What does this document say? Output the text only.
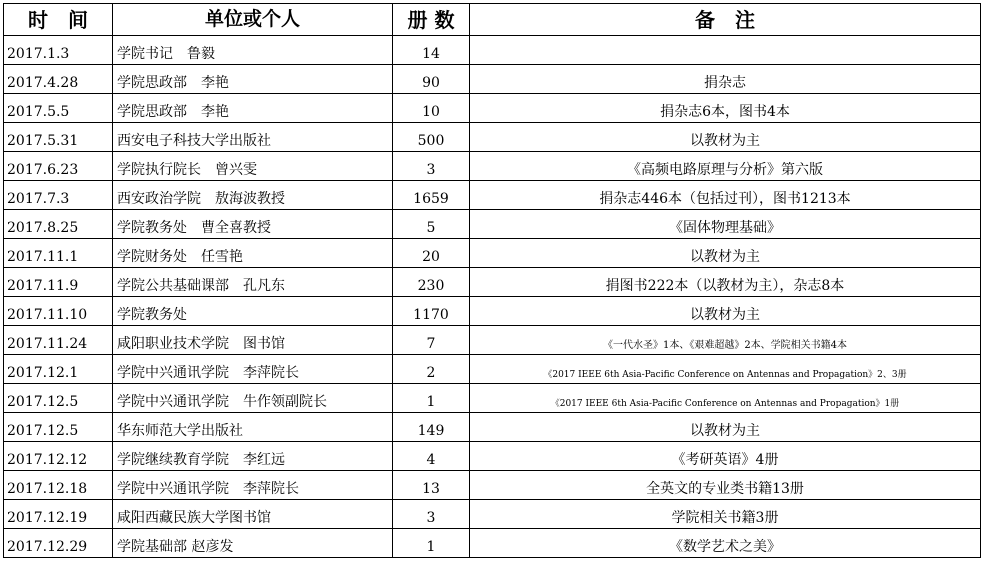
时　间	单位或个人	册 数	备　注
2017.1.3	学院书记　鲁毅	14	
2017.4.28	学院思政部　李艳	90	捐杂志
2017.5.5	学院思政部　李艳	10	捐杂志6本，图书4本
2017.5.31	西安电子科技大学出版社	500	以教材为主
2017.6.23	学院执行院长　曾兴雯	3	《高频电路原理与分析》第六版
2017.7.3	西安政治学院　敖海波教授	1659	捐杂志446本（包括过刊），图书1213本
2017.8.25	学院教务处　曹全喜教授	5	《固体物理基础》
2017.11.1	学院财务处　任雪艳	20	以教材为主
2017.11.9	学院公共基础课部　孔凡东	230	捐图书222本（以教材为主），杂志8本
2017.11.10	学院教务处	1170	以教材为主
2017.11.24	咸阳职业技术学院　图书馆	7	《一代水圣》1本、《艰难超越》2本、学院相关书籍4本
2017.12.1	学院中兴通讯学院　李萍院长	2	《2017 IEEE 6th Asia-Pacific Conference on Antennas and Propagation》2、3册
2017.12.5	学院中兴通讯学院　牛作领副院长	1	《2017 IEEE 6th Asia-Pacific Conference on Antennas and Propagation》1册
2017.12.5	华东师范大学出版社	149	以教材为主
2017.12.12	学院继续教育学院　李红远	4	《考研英语》4册
2017.12.18	学院中兴通讯学院　李萍院长	13	全英文的专业类书籍13册
2017.12.19	咸阳西藏民族大学图书馆	3	学院相关书籍3册
2017.12.29	学院基础部 赵彦发	1	《数学艺术之美》
